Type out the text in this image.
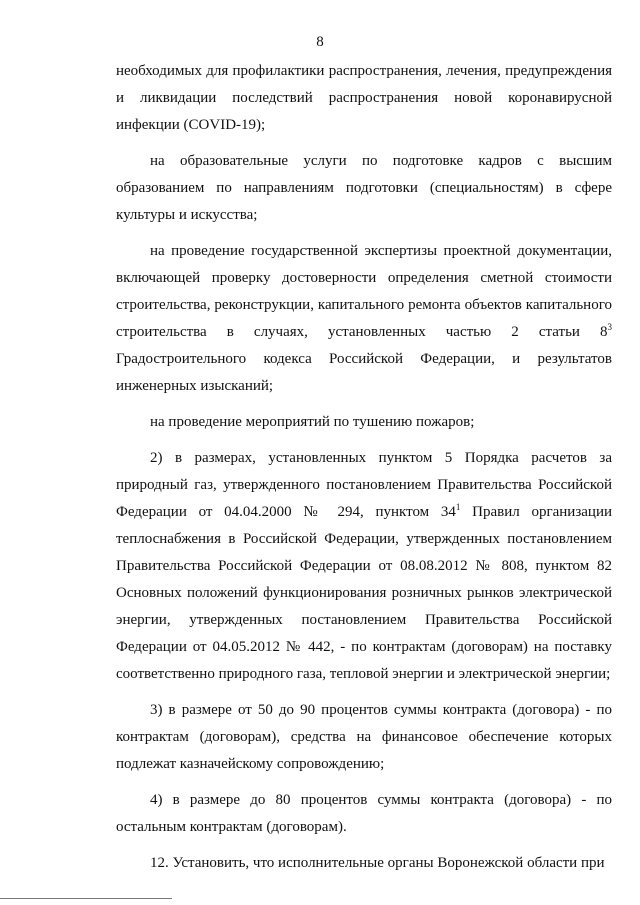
8

необходимых для профилактики распространения, лечения, предупреждения и ликвидации последствий распространения новой коронавирусной инфекции (COVID-19);

на образовательные услуги по подготовке кадров с высшим образованием по направлениям подготовки (специальностям) в сфере культуры и искусства;

на проведение государственной экспертизы проектной документации, включающей проверку достоверности определения сметной стоимости строительства, реконструкции, капитального ремонта объектов капитального строительства в случаях, установленных частью 2 статьи $8^3$ Градостроительного кодекса Российской Федерации, и результатов инженерных изысканий;

на проведение мероприятий по тушению пожаров;

2) в размерах, установленных пунктом 5 Порядка расчетов за природный газ, утвержденного постановлением Правительства Российской Федерации от 04.04.2000 № 294, пунктом $34^1$ Правил организации теплоснабжения в Российской Федерации, утвержденных постановлением Правительства Российской Федерации от 08.08.2012 № 808, пунктом 82 Основных положений функционирования розничных рынков электрической энергии, утвержденных постановлением Правительства Российской Федерации от 04.05.2012 № 442, - по контрактам (договорам) на поставку соответственно природного газа, тепловой энергии и электрической энергии;

3) в размере от 50 до 90 процентов суммы контракта (договора) - по контрактам (договорам), средства на финансовое обеспечение которых подлежат казначейскому сопровождению;

4) в размере до 80 процентов суммы контракта (договора) - по остальным контрактам (договорам).

12. Установить, что исполнительные органы Воронежской области при
